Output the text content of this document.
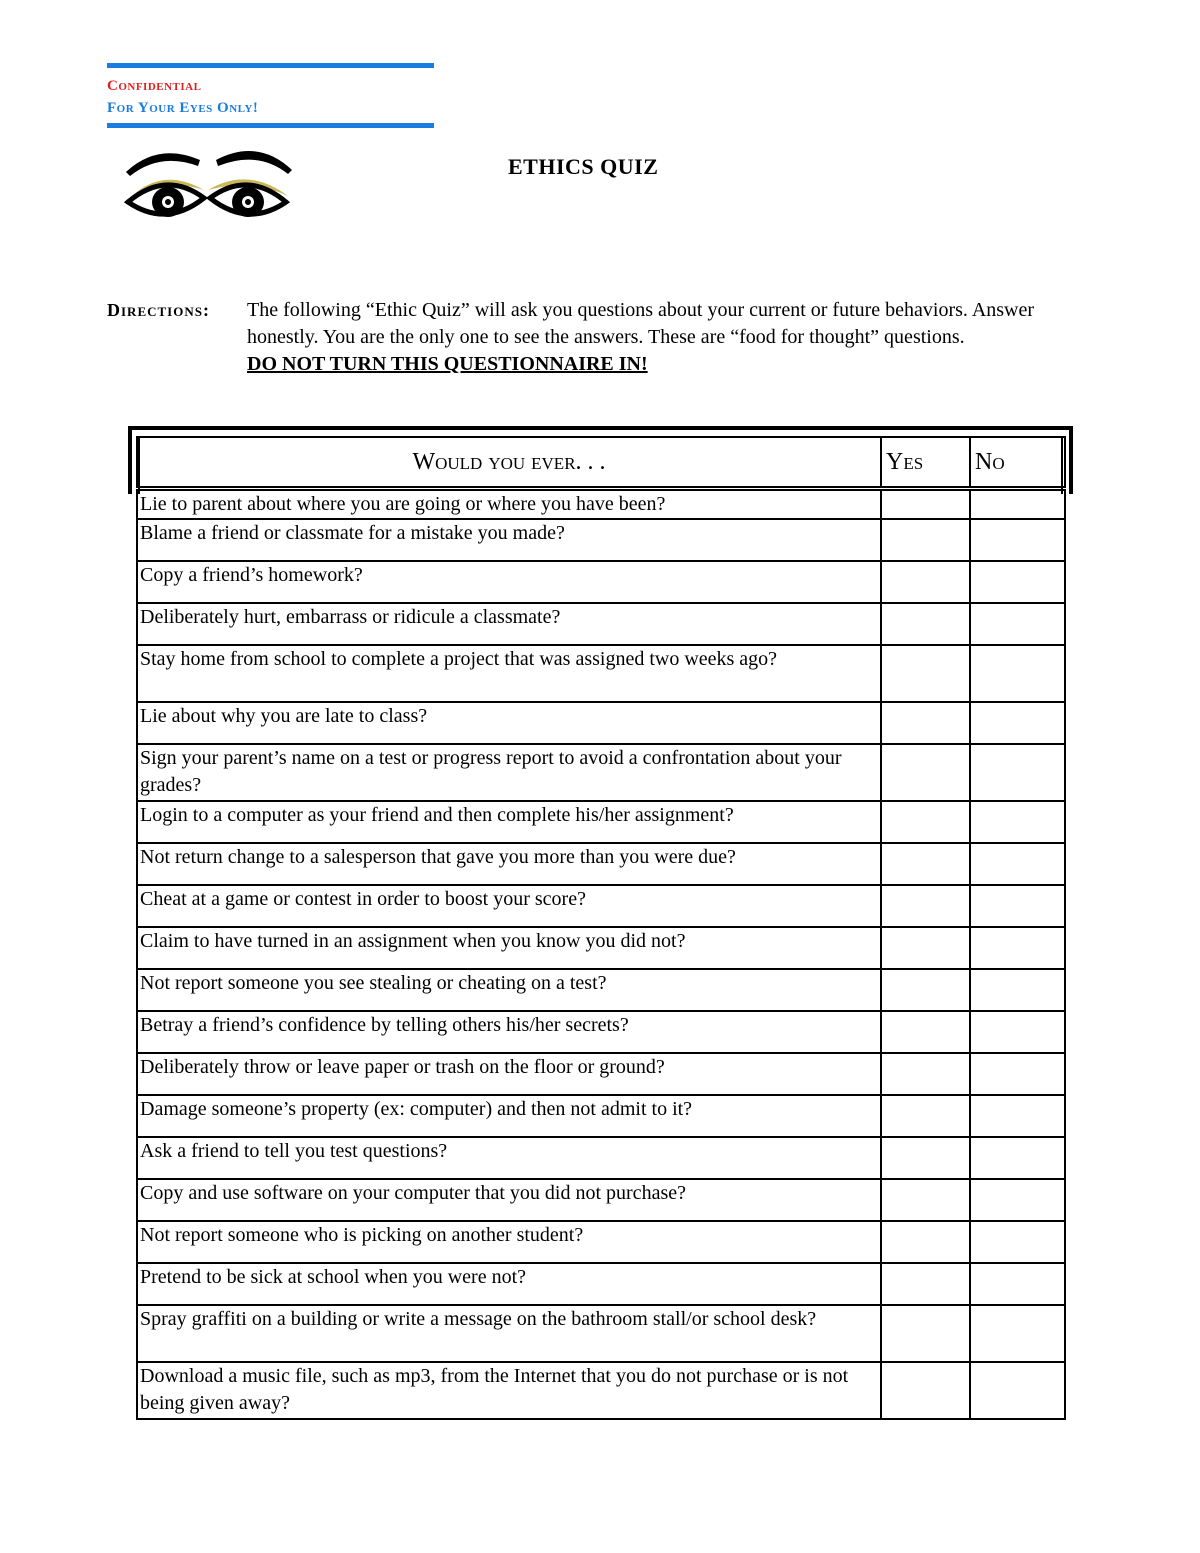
Confidential
For Your Eyes Only!
ETHICS QUIZ
Directions: The following “Ethic Quiz” will ask you questions about your current or future behaviors. Answer honestly. You are the only one to see the answers. These are “food for thought” questions.
DO NOT TURN THIS QUESTIONNAIRE IN!
Would you ever. . .	Yes	No
Lie to parent about where you are going or where you have been?		
Blame a friend or classmate for a mistake you made?		
Copy a friend’s homework?		
Deliberately hurt, embarrass or ridicule a classmate?		
Stay home from school to complete a project that was assigned two weeks ago?		
Lie about why you are late to class?		
Sign your parent’s name on a test or progress report to avoid a confrontation about your grades?		
Login to a computer as your friend and then complete his/her assignment?		
Not return change to a salesperson that gave you more than you were due?		
Cheat at a game or contest in order to boost your score?		
Claim to have turned in an assignment when you know you did not?		
Not report someone you see stealing or cheating on a test?		
Betray a friend’s confidence by telling others his/her secrets?		
Deliberately throw or leave paper or trash on the floor or ground?		
Damage someone’s property (ex: computer) and then not admit to it?		
Ask a friend to tell you test questions?		
Copy and use software on your computer that you did not purchase?		
Not report someone who is picking on another student?		
Pretend to be sick at school when you were not?		
Spray graffiti on a building or write a message on the bathroom stall/or school desk?		
Download a music file, such as mp3, from the Internet that you do not purchase or is not being given away?		
